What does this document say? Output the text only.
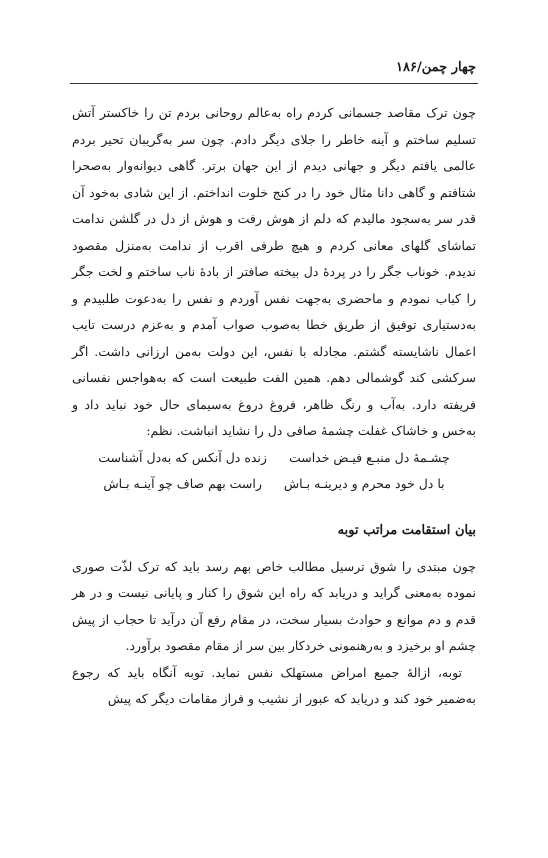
چهار چمن/۱۸۶

چون ترک مقاصد جسمانی کردم راه به‌عالم روحانی بردم تن را خاکستر آتش تسلیم ساختم و آینه خاطر را جلای دیگر دادم. چون سر به‌گریبان تحیر بردم عالمی یافتم دیگر و جهانی دیدم از این جهان برتر. گاهی دیوانه‌وار به‌صحرا شتافتم و گاهی دانا مثال خود را در کنج خلوت انداختم. از این شادی به‌خود آن قدر سر به‌سجود مالیدم که دلم از هوش رفت و هوش از دل در گلشن ندامت تماشای گلهای معانی کردم و هیچ طرفی اقرب از ندامت به‌منزل مقصود ندیدم. خوناب جگر را در پردهٔ دل بیخته صافتر از بادهٔ ناب ساختم و لخت جگر را کباب نمودم و ماحضری به‌جهت نفس آوردم و نفس را به‌دعوت طلبیدم و به‌دستیاری توفیق از طریق خطا به‌صوب صواب آمدم و به‌عزم درست تایب اعمال ناشایسته گشتم. مجادله با نفس، این دولت به‌من ارزانی داشت. اگر سرکشی کند گوشمالی دهم. همین الفت طبیعت است که به‌هواجس نفسانی فریفته دارد. به‌آب و رنگ ظاهر، فروغ دروغ به‌سیمای حال خود نباید داد و به‌خس و خاشاک غفلت چشمهٔ صافی دل را نشاید انباشت. نظم:

چشـمهٔ دل منبـع فیـض خداست
زنده دل آنکس که به‌دل آشناست
با دل خود محرم و دیرینـه بـاش
راست بهم صاف چو آینـه بـاش
بیان استقامت مراتب توبه

چون مبتدی را شوق ترسیل مطالب خاص بهم رسد باید که ترک لذّت صوری نموده به‌معنی گراید و دریابد که راه این شوق را کنار و پایانی نیست و در هر قدم و دم موانع و حوادث بسیار سخت، در مقام رفع آن درآید تا حجاب از پیش چشم او برخیزد و به‌رهنمونی خردکار بین سر از مقام مقصود برآورد.

توبه، ازالهٔ جمیع امراض مستهلک نفس نماید. توبه آنگاه باید که رجوع به‌ضمیر خود کند و دریابد که عبور از نشیب و فراز مقامات دیگر که پیش
